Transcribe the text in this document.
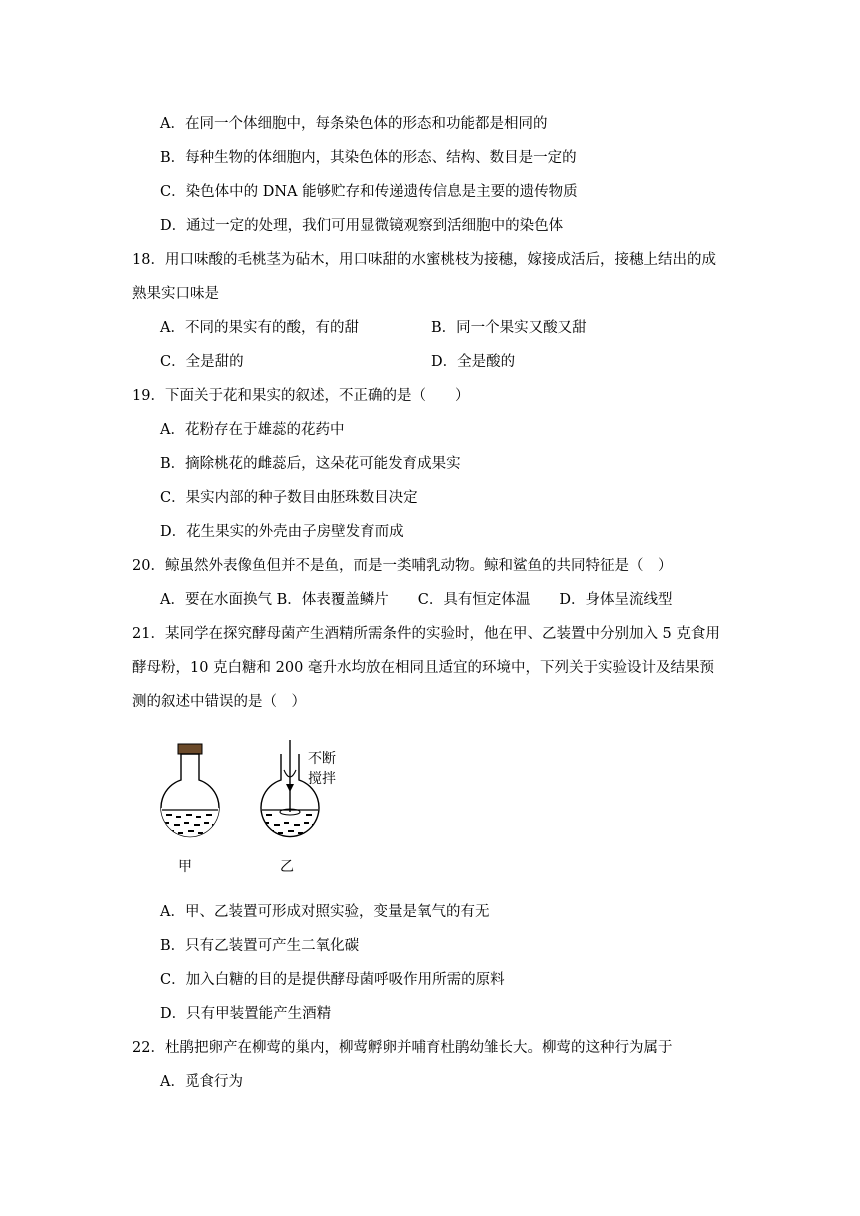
A．在同一个体细胞中，每条染色体的形态和功能都是相同的
B．每种生物的体细胞内，其染色体的形态、结构、数目是一定的
C．染色体中的 DNA 能够贮存和传递遗传信息是主要的遗传物质
D．通过一定的处理，我们可用显微镜观察到活细胞中的染色体
18．用口味酸的毛桃茎为砧木，用口味甜的水蜜桃枝为接穗，嫁接成活后，接穗上结出的成
熟果实口味是
A．不同的果实有的酸，有的甜	B．同一个果实又酸又甜
C．全是甜的	D．全是酸的
19．下面关于花和果实的叙述，不正确的是（　　）
A．花粉存在于雄蕊的花药中
B．摘除桃花的雌蕊后，这朵花可能发育成果实
C．果实内部的种子数目由胚珠数目决定
D．花生果实的外壳由子房壁发育而成
20．鲸虽然外表像鱼但并不是鱼，而是一类哺乳动物。鲸和鲨鱼的共同特征是（　）
A．要在水面换气 B．体表覆盖鳞片　　C．具有恒定体温　　D．身体呈流线型
21．某同学在探究酵母菌产生酒精所需条件的实验时，他在甲、乙装置中分别加入 5 克食用
酵母粉，10 克白糖和 200 毫升水均放在相同且适宜的环境中，下列关于实验设计及结果预
测的叙述中错误的是（　）
甲	乙
不断
搅拌
A．甲、乙装置可形成对照实验，变量是氧气的有无
B．只有乙装置可产生二氧化碳
C．加入白糖的目的是提供酵母菌呼吸作用所需的原料
D．只有甲装置能产生酒精
22．杜鹃把卵产在柳莺的巢内，柳莺孵卵并哺育杜鹃幼雏长大。柳莺的这种行为属于
A．觅食行为
